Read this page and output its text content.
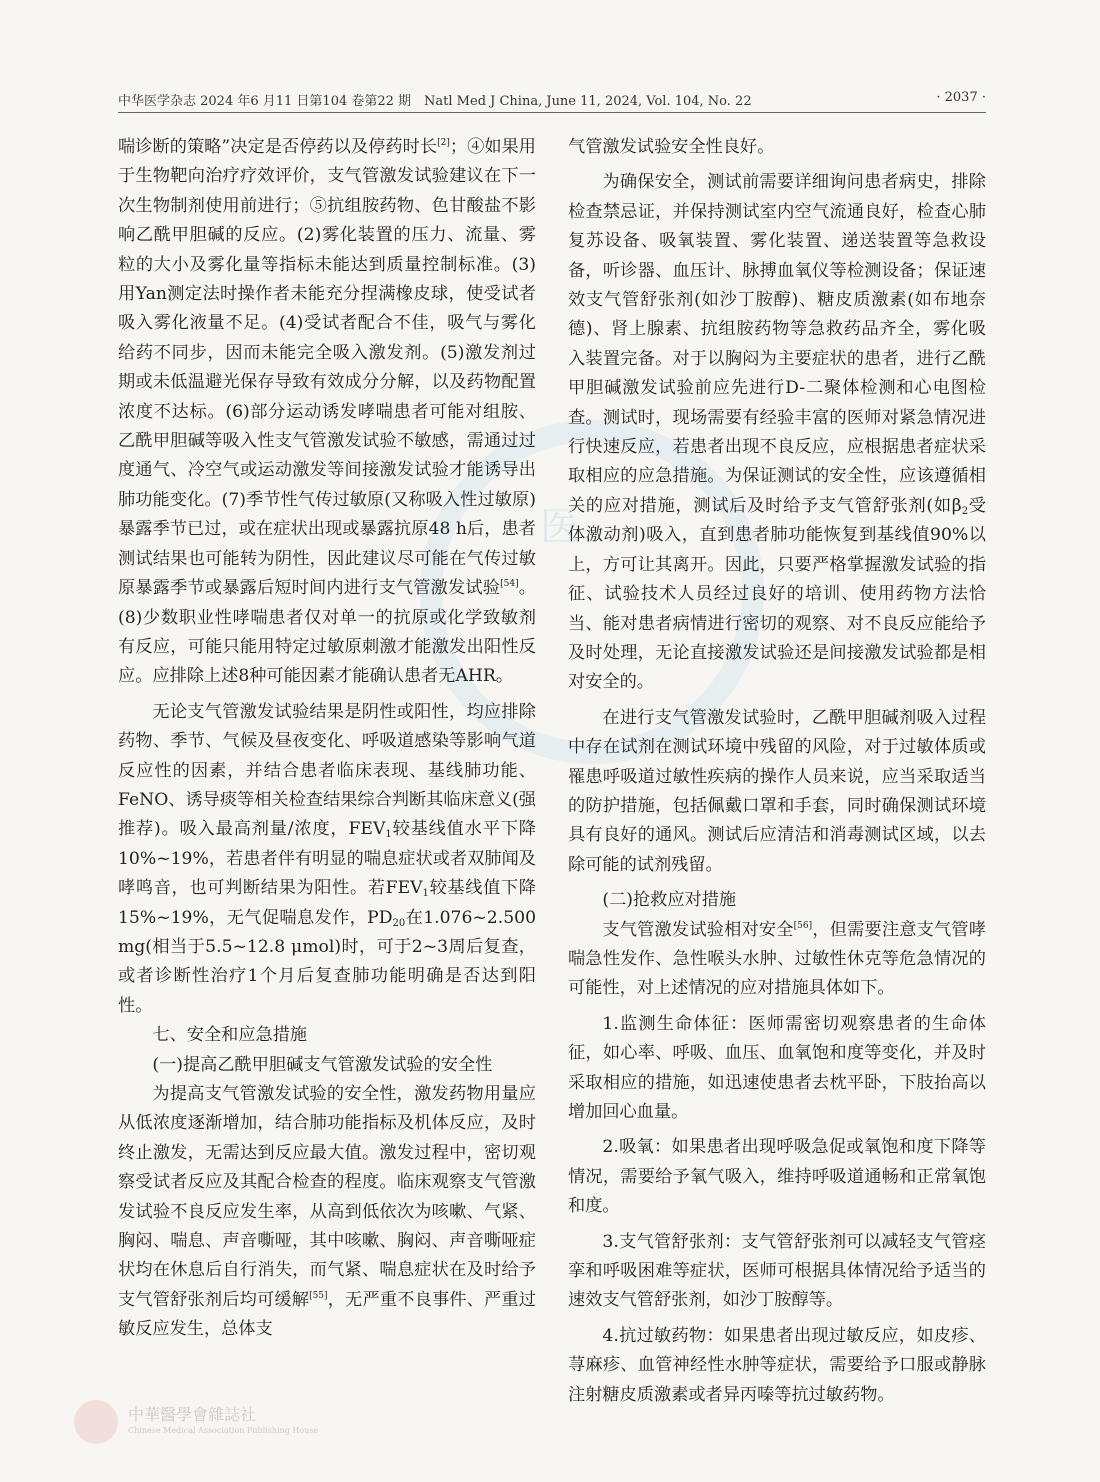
中华医学杂志 2024 年6 月11 日第104 卷第22 期　Natl Med J China, June 11, 2024, Vol. 104, No. 22	· 2037 ·
医

喘诊断的策略”决定是否停药以及停药时长[2]；④如果用于生物靶向治疗疗效评价，支气管激发试验建议在下一次生物制剂使用前进行；⑤抗组胺药物、色甘酸盐不影响乙酰甲胆碱的反应。(2)雾化装置的压力、流量、雾粒的大小及雾化量等指标未能达到质量控制标准。(3)用Yan测定法时操作者未能充分捏满橡皮球，使受试者吸入雾化液量不足。(4)受试者配合不佳，吸气与雾化给药不同步，因而未能完全吸入激发剂。(5)激发剂过期或未低温避光保存导致有效成分分解，以及药物配置浓度不达标。(6)部分运动诱发哮喘患者可能对组胺、乙酰甲胆碱等吸入性支气管激发试验不敏感，需通过过度通气、冷空气或运动激发等间接激发试验才能诱导出肺功能变化。(7)季节性气传过敏原(又称吸入性过敏原)暴露季节已过，或在症状出现或暴露抗原48 h后，患者测试结果也可能转为阴性，因此建议尽可能在气传过敏原暴露季节或暴露后短时间内进行支气管激发试验[54]。(8)少数职业性哮喘患者仅对单一的抗原或化学致敏剂有反应，可能只能用特定过敏原刺激才能激发出阳性反应。应排除上述8种可能因素才能确认患者无AHR。

无论支气管激发试验结果是阴性或阳性，均应排除药物、季节、气候及昼夜变化、呼吸道感染等影响气道反应性的因素，并结合患者临床表现、基线肺功能、FeNO、诱导痰等相关检查结果综合判断其临床意义(强推荐)。吸入最高剂量/浓度，$FEV_1$较基线值水平下降10%~19%，若患者伴有明显的喘息症状或者双肺闻及哮鸣音，也可判断结果为阳性。若$FEV_1$较基线值下降15%~19%，无气促喘息发作，$PD_{20}$在1.076~2.500 mg(相当于5.5~12.8 μmol)时，可于2~3周后复查，或者诊断性治疗1个月后复查肺功能明确是否达到阳性。

七、安全和应急措施

(一)提高乙酰甲胆碱支气管激发试验的安全性

为提高支气管激发试验的安全性，激发药物用量应从低浓度逐渐增加，结合肺功能指标及机体反应，及时终止激发，无需达到反应最大值。激发过程中，密切观察受试者反应及其配合检查的程度。临床观察支气管激发试验不良反应发生率，从高到低依次为咳嗽、气紧、胸闷、喘息、声音嘶哑，其中咳嗽、胸闷、声音嘶哑症状均在休息后自行消失，而气紧、喘息症状在及时给予支气管舒张剂后均可缓解[55]，无严重不良事件、严重过敏反应发生，总体支

气管激发试验安全性良好。

为确保安全，测试前需要详细询问患者病史，排除检查禁忌证，并保持测试室内空气流通良好，检查心肺复苏设备、吸氧装置、雾化装置、递送装置等急救设备，听诊器、血压计、脉搏血氧仪等检测设备；保证速效支气管舒张剂(如沙丁胺醇)、糖皮质激素(如布地奈德)、肾上腺素、抗组胺药物等急救药品齐全，雾化吸入装置完备。对于以胸闷为主要症状的患者，进行乙酰甲胆碱激发试验前应先进行D-二聚体检测和心电图检查。测试时，现场需要有经验丰富的医师对紧急情况进行快速反应，若患者出现不良反应，应根据患者症状采取相应的应急措施。为保证测试的安全性，应该遵循相关的应对措施，测试后及时给予支气管舒张剂(如$\beta_2$受体激动剂)吸入，直到患者肺功能恢复到基线值90%以上，方可让其离开。因此，只要严格掌握激发试验的指征、试验技术人员经过良好的培训、使用药物方法恰当、能对患者病情进行密切的观察、对不良反应能给予及时处理，无论直接激发试验还是间接激发试验都是相对安全的。

在进行支气管激发试验时，乙酰甲胆碱剂吸入过程中存在试剂在测试环境中残留的风险，对于过敏体质或罹患呼吸道过敏性疾病的操作人员来说，应当采取适当的防护措施，包括佩戴口罩和手套，同时确保测试环境具有良好的通风。测试后应清洁和消毒测试区域，以去除可能的试剂残留。

(二)抢救应对措施

支气管激发试验相对安全[56]，但需要注意支气管哮喘急性发作、急性喉头水肿、过敏性休克等危急情况的可能性，对上述情况的应对措施具体如下。

1.监测生命体征：医师需密切观察患者的生命体征，如心率、呼吸、血压、血氧饱和度等变化，并及时采取相应的措施，如迅速使患者去枕平卧，下肢抬高以增加回心血量。

2.吸氧：如果患者出现呼吸急促或氧饱和度下降等情况，需要给予氧气吸入，维持呼吸道通畅和正常氧饱和度。

3.支气管舒张剂：支气管舒张剂可以减轻支气管痉挛和呼吸困难等症状，医师可根据具体情况给予适当的速效支气管舒张剂，如沙丁胺醇等。

4.抗过敏药物：如果患者出现过敏反应，如皮疹、荨麻疹、血管神经性水肿等症状，需要给予口服或静脉注射糖皮质激素或者异丙嗪等抗过敏药物。

中華醫學會雜誌社
Chinese Medical Association Publishing House
